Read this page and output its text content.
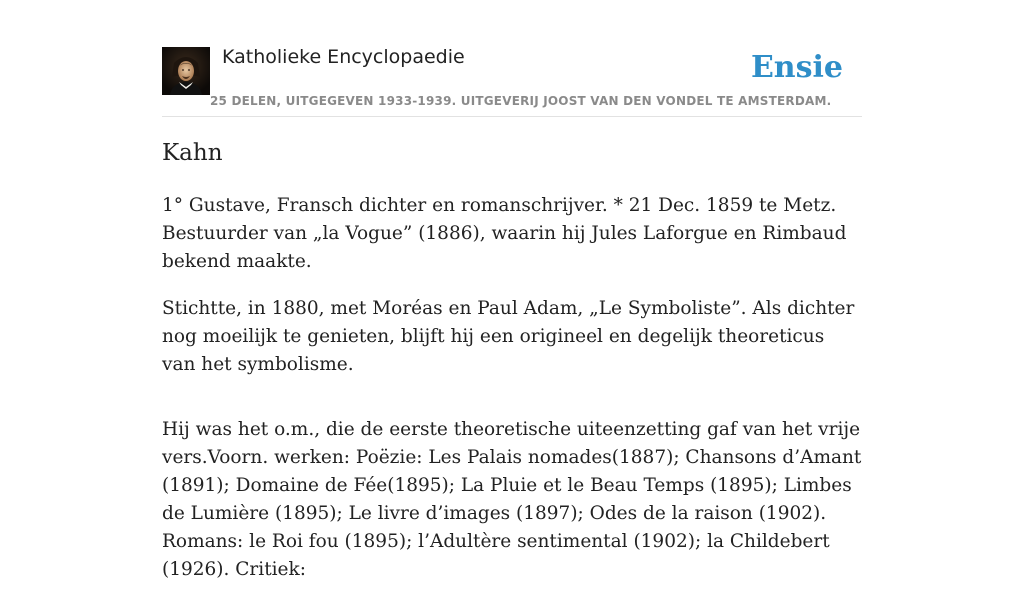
Katholieke Encyclopaedie	Ensie
25 DELEN, UITGEGEVEN 1933-1939. UITGEVERIJ JOOST VAN DEN VONDEL TE AMSTERDAM.
Kahn

1° Gustave, Fransch dichter en romanschrijver. * 21 Dec. 1859 te Metz. Bestuurder van „la Vogue” (1886), waarin hij Jules Laforgue en Rimbaud bekend maakte.

Stichtte, in 1880, met Moréas en Paul Adam, „Le Symboliste”. Als dichter nog moeilijk te genieten, blijft hij een origineel en degelijk theoreticus van het symbolisme.

Hij was het o.m., die de eerste theoretische uiteenzetting gaf van het vrije vers.Voorn. werken: Poëzie: Les Palais nomades(1887); Chansons d’Amant (1891); Domaine de Fée(1895); La Pluie et le Beau Temps (1895); Limbes de Lumière (1895); Le livre d’images (1897); Odes de la raison (1902). Romans: le Roi fou (1895); l’Adultère sentimental (1902); la Childebert (1926). Critiek:
